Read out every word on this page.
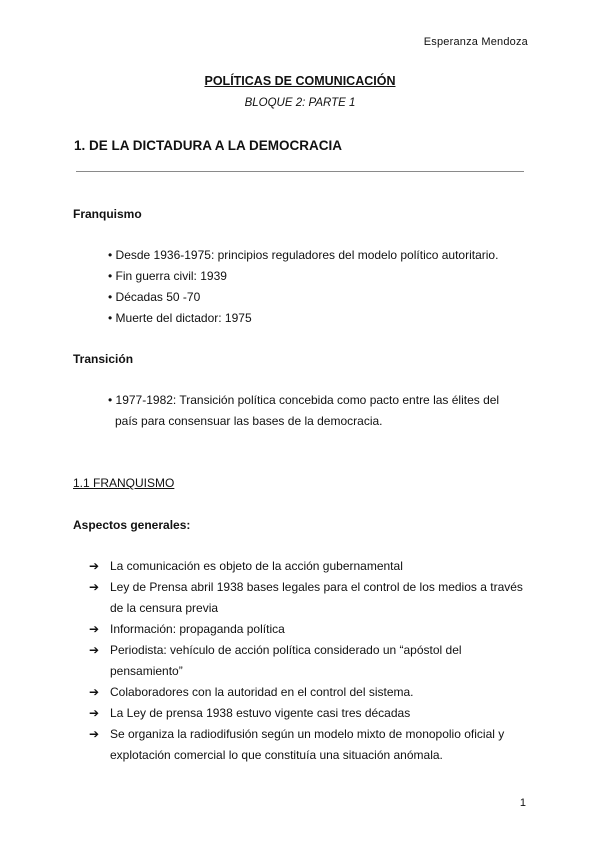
Esperanza Mendoza
POLÍTICAS DE COMUNICACIÓN
BLOQUE 2: PARTE 1
1. DE LA DICTADURA A LA DEMOCRACIA
Franquismo
• Desde 1936-1975: principios reguladores del modelo político autoritario.
• Fin guerra civil: 1939
• Décadas 50 -70
• Muerte del dictador: 1975
Transición
• 1977-1982: Transición política concebida como pacto entre las élites del
país para consensuar las bases de la democracia.
1.1 FRANQUISMO
Aspectos generales:
➔ La comunicación es objeto de la acción gubernamental
➔ Ley de Prensa abril 1938 bases legales para el control de los medios a través
de la censura previa
➔ Información: propaganda política
➔ Periodista: vehículo de acción política considerado un “apóstol del
pensamiento”
➔ Colaboradores con la autoridad en el control del sistema.
➔ La Ley de prensa 1938 estuvo vigente casi tres décadas
➔ Se organiza la radiodifusión según un modelo mixto de monopolio oficial y
explotación comercial lo que constituía una situación anómala.
1
